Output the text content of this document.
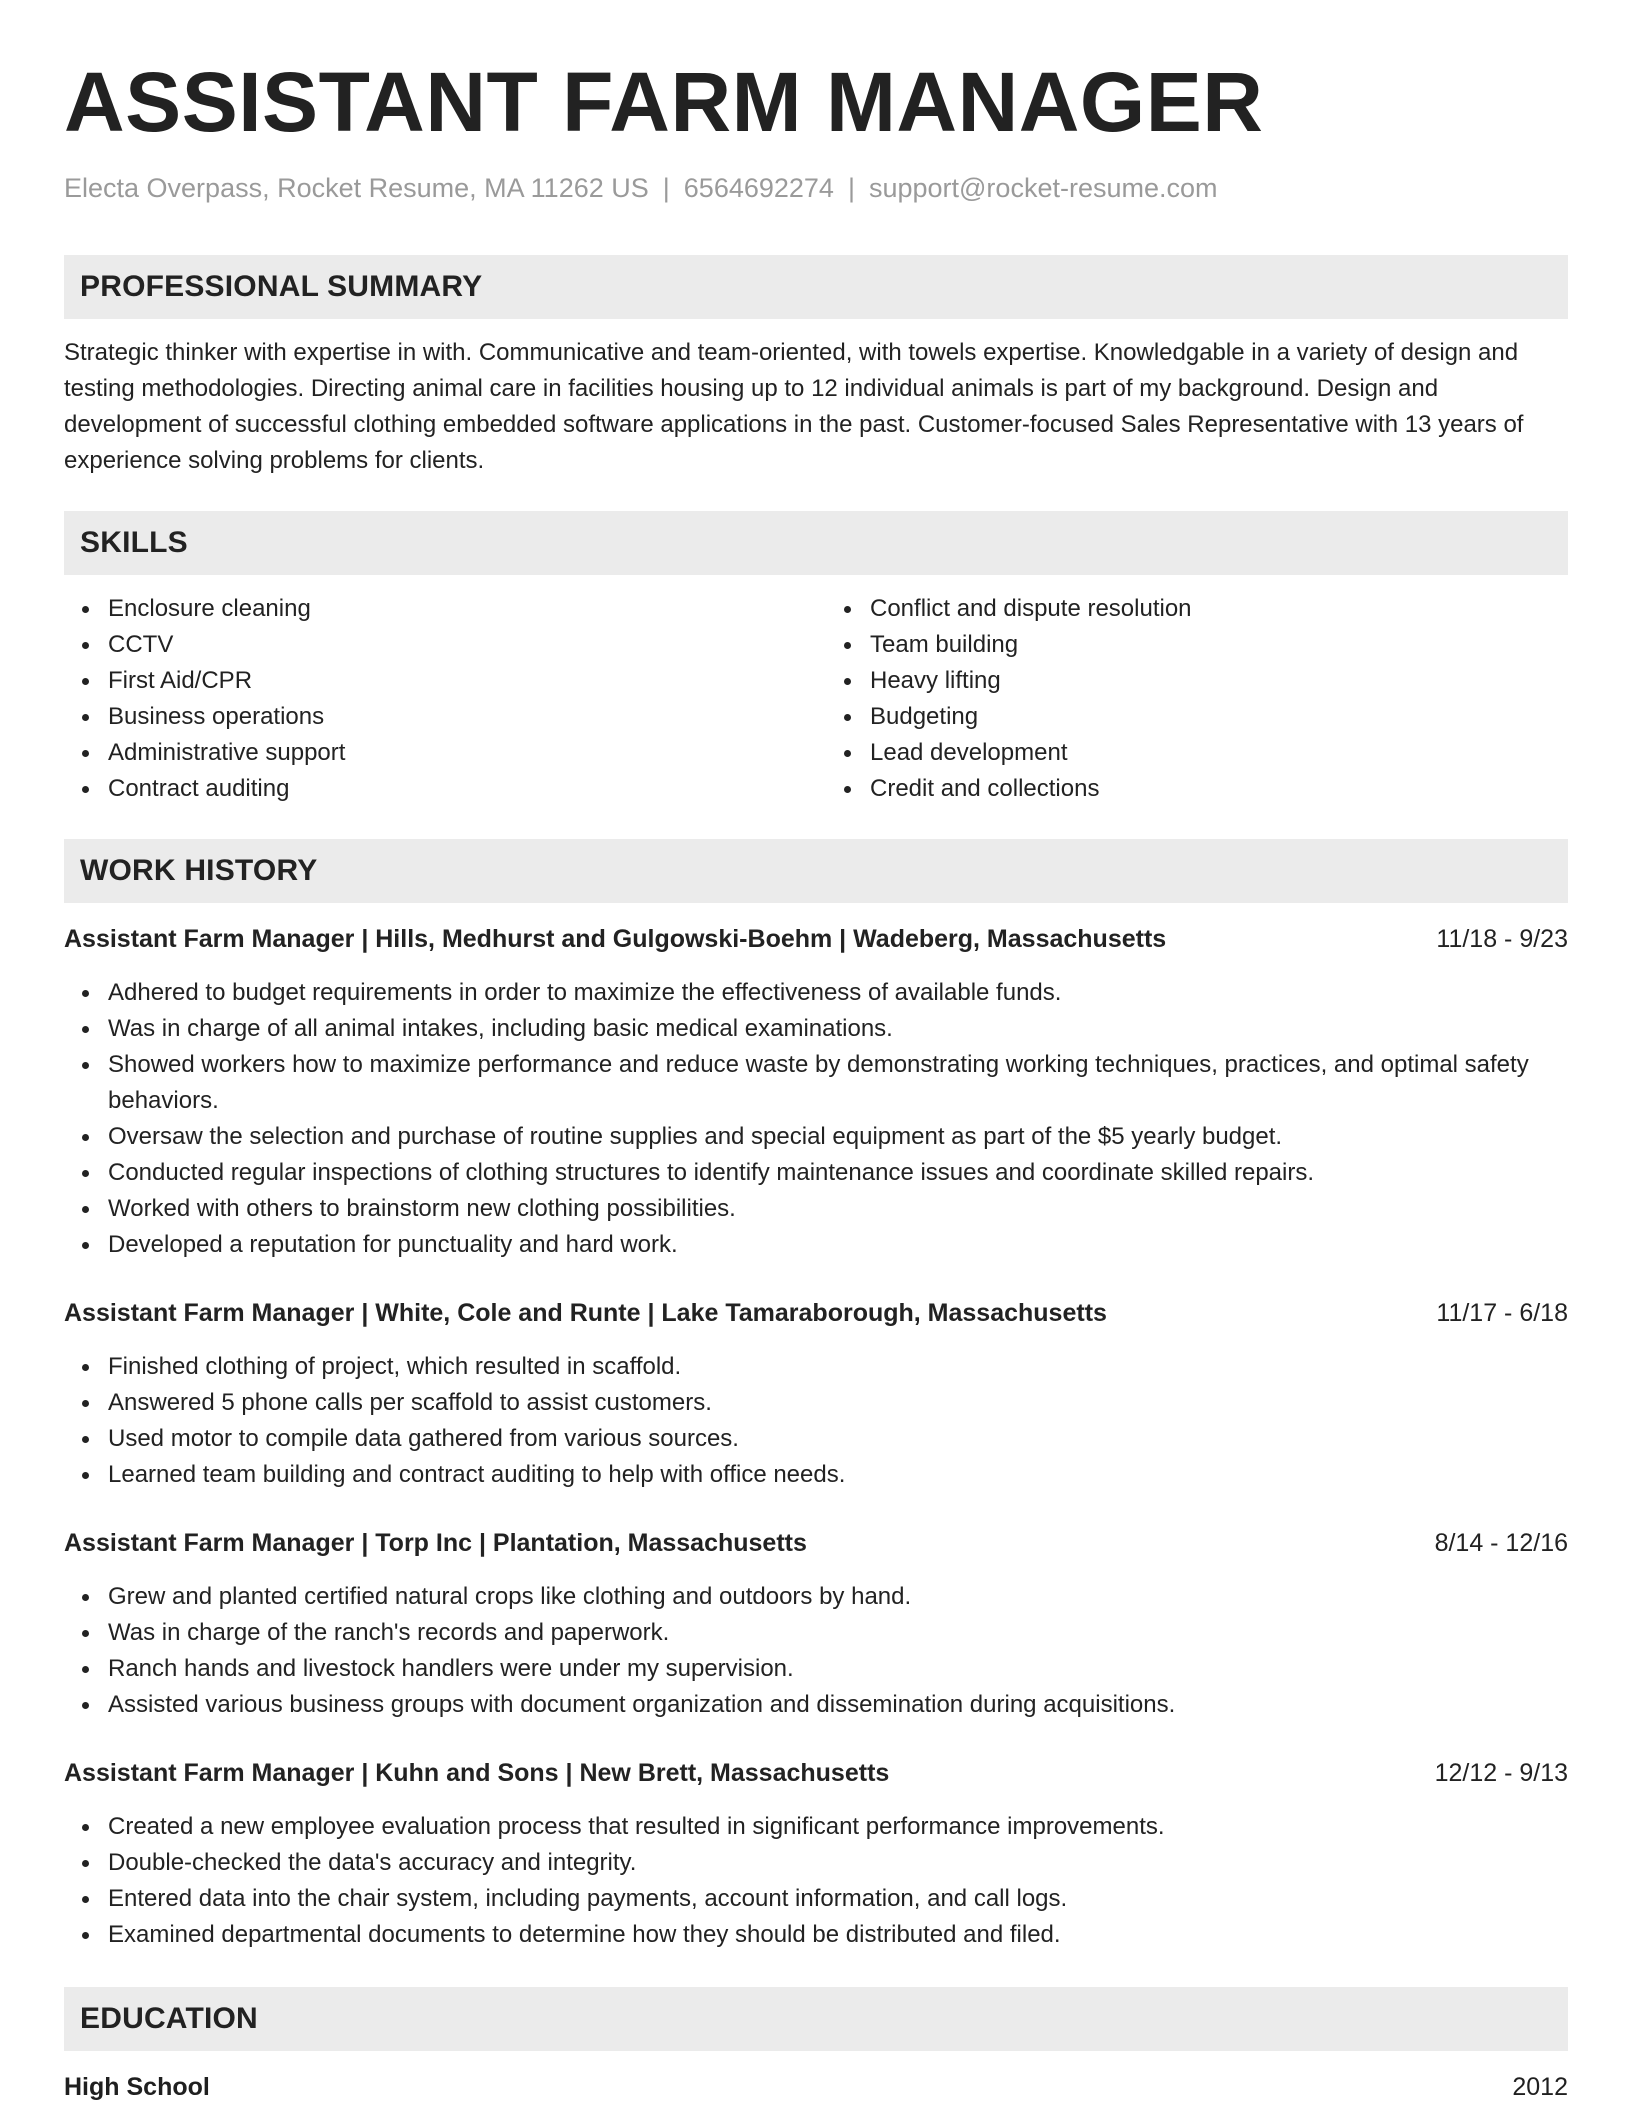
ASSISTANT FARM MANAGER
Electa Overpass, Rocket Resume, MA 11262 US | 6564692274 | support@rocket-resume.com
PROFESSIONAL SUMMARY
Strategic thinker with expertise in with. Communicative and team-oriented, with towels expertise. Knowledgable in a variety of design and testing methodologies. Directing animal care in facilities housing up to 12 individual animals is part of my background. Design and development of successful clothing embedded software applications in the past. Customer-focused Sales Representative with 13 years of experience solving problems for clients.
SKILLS
Enclosure cleaning
CCTV
First Aid/CPR
Business operations
Administrative support
Contract auditing
Conflict and dispute resolution
Team building
Heavy lifting
Budgeting
Lead development
Credit and collections
WORK HISTORY
Assistant Farm Manager | Hills, Medhurst and Gulgowski-Boehm | Wadeberg, Massachusetts	11/18 - 9/23
Adhered to budget requirements in order to maximize the effectiveness of available funds.
Was in charge of all animal intakes, including basic medical examinations.
Showed workers how to maximize performance and reduce waste by demonstrating working techniques, practices, and optimal safety behaviors.
Oversaw the selection and purchase of routine supplies and special equipment as part of the $5 yearly budget.
Conducted regular inspections of clothing structures to identify maintenance issues and coordinate skilled repairs.
Worked with others to brainstorm new clothing possibilities.
Developed a reputation for punctuality and hard work.
Assistant Farm Manager | White, Cole and Runte | Lake Tamaraborough, Massachusetts	11/17 - 6/18
Finished clothing of project, which resulted in scaffold.
Answered 5 phone calls per scaffold to assist customers.
Used motor to compile data gathered from various sources.
Learned team building and contract auditing to help with office needs.
Assistant Farm Manager | Torp Inc | Plantation, Massachusetts	8/14 - 12/16
Grew and planted certified natural crops like clothing and outdoors by hand.
Was in charge of the ranch's records and paperwork.
Ranch hands and livestock handlers were under my supervision.
Assisted various business groups with document organization and dissemination during acquisitions.
Assistant Farm Manager | Kuhn and Sons | New Brett, Massachusetts	12/12 - 9/13
Created a new employee evaluation process that resulted in significant performance improvements.
Double-checked the data's accuracy and integrity.
Entered data into the chair system, including payments, account information, and call logs.
Examined departmental documents to determine how they should be distributed and filed.
EDUCATION
High School	2012
